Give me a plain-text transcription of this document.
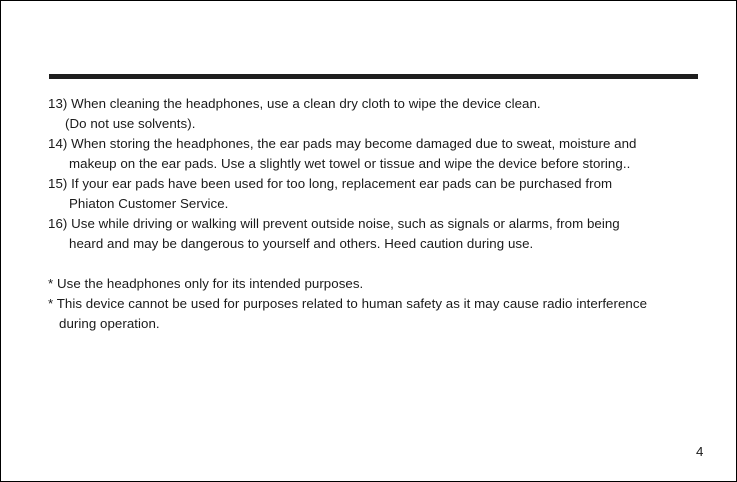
13) When cleaning the headphones, use a clean dry cloth to wipe the device clean.

(Do not use solvents).

14) When storing the headphones, the ear pads may become damaged due to sweat, moisture and

makeup on the ear pads. Use a slightly wet towel or tissue and wipe the device before storing..

15) If your ear pads have been used for too long, replacement ear pads can be purchased from

Phiaton Customer Service.

16) Use while driving or walking will prevent outside noise, such as signals or alarms, from being

heard and may be dangerous to yourself and others. Heed caution during use.

* Use the headphones only for its intended purposes.

* This device cannot be used for purposes related to human safety as it may cause radio interference

during operation.

4
